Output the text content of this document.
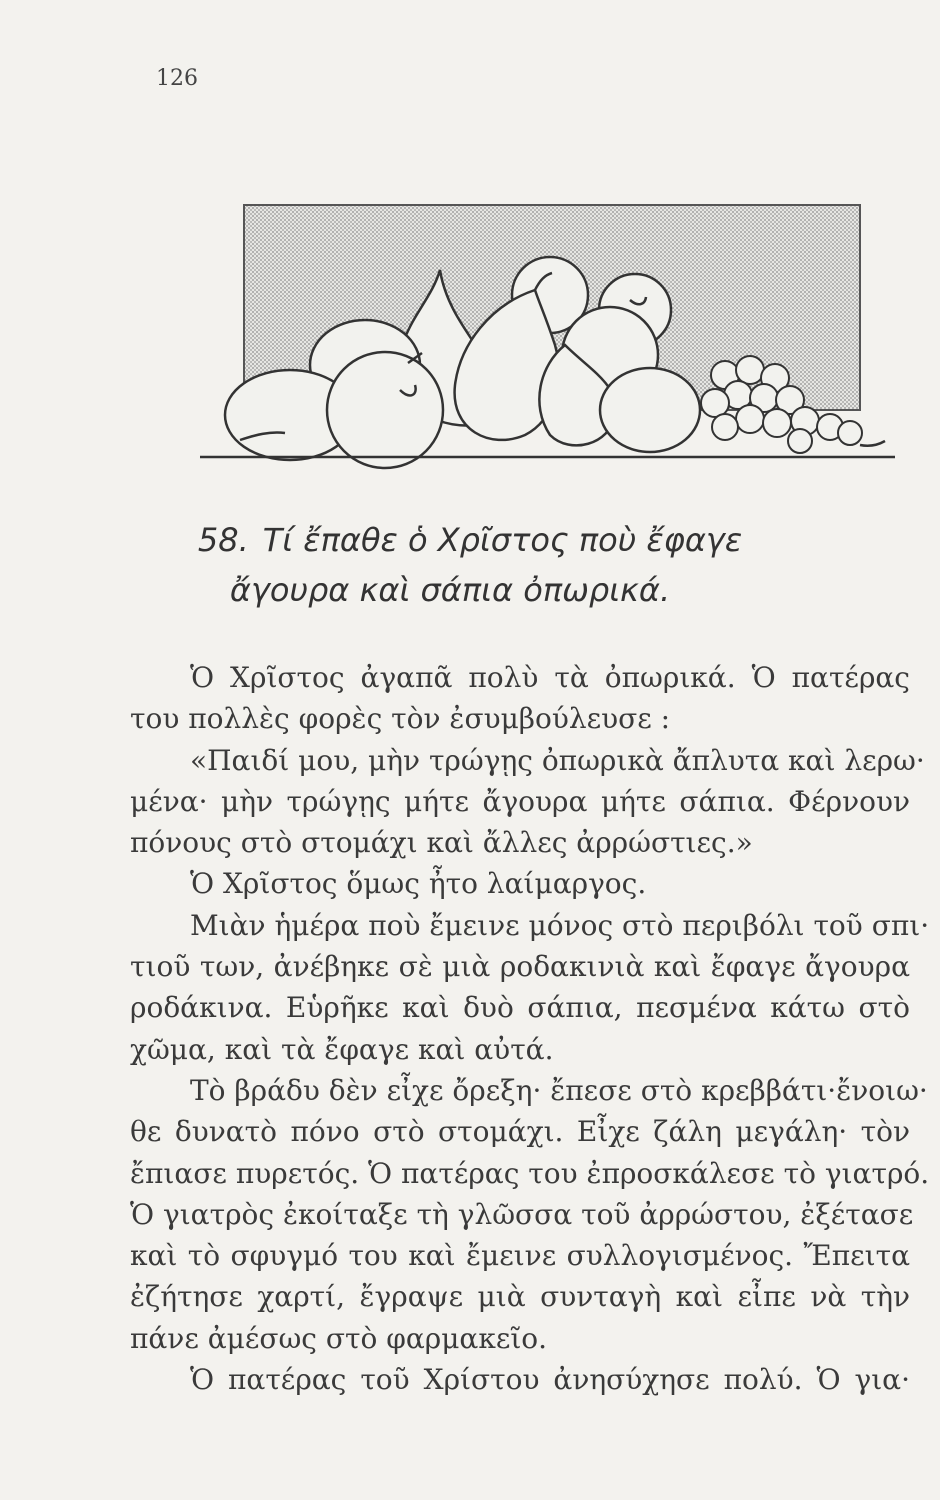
126
58. Τί ἔπαθε ὁ Χρῖστος ποὺ ἔφαγε
ἄγουρα καὶ σάπια ὀπωρικά.
Ὁ Χρῖστος ἀγαπᾶ πολὺ τὰ ὀπωρικά. Ὁ πατέρας
του πολλὲς φορὲς τὸν ἐσυμβούλευσε :
«Παιδί μου, μὴν τρώγῃς ὀπωρικὰ ἄπλυτα καὶ λερω·
μένα· μὴν τρώγῃς μήτε ἄγουρα μήτε σάπια. Φέρνουν
πόνους στὸ στομάχι καὶ ἄλλες ἀρρώστιες.»
Ὁ Χρῖστος ὅμως ἦτο λαίμαργος.
Μιὰν ἡμέρα ποὺ ἔμεινε μόνος στὸ περιβόλι τοῦ σπι·
τιοῦ των, ἀνέβηκε σὲ μιὰ ροδακινιὰ καὶ ἔφαγε ἄγουρα
ροδάκινα. Εὑρῆκε καὶ δυὸ σάπια, πεσμένα κάτω στὸ
χῶμα, καὶ τὰ ἔφαγε καὶ αὐτά.
Τὸ βράδυ δὲν εἶχε ὄρεξη· ἔπεσε στὸ κρεββάτι·ἔνοιω·
θε δυνατὸ πόνο στὸ στομάχι. Εἶχε ζάλη μεγάλη· τὸν
ἔπιασε πυρετός. Ὁ πατέρας του ἐπροσκάλεσε τὸ γιατρό.
Ὁ γιατρὸς ἐκοίταξε τὴ γλῶσσα τοῦ ἀρρώστου, ἐξέτασε
καὶ τὸ σφυγμό του καὶ ἔμεινε συλλογισμένος. Ἔπειτα
ἐζήτησε χαρτί, ἔγραψε μιὰ συνταγὴ καὶ εἶπε νὰ τὴν
πάνε ἀμέσως στὸ φαρμακεῖο.
Ὁ πατέρας τοῦ Χρίστου ἀνησύχησε πολύ. Ὁ για·
